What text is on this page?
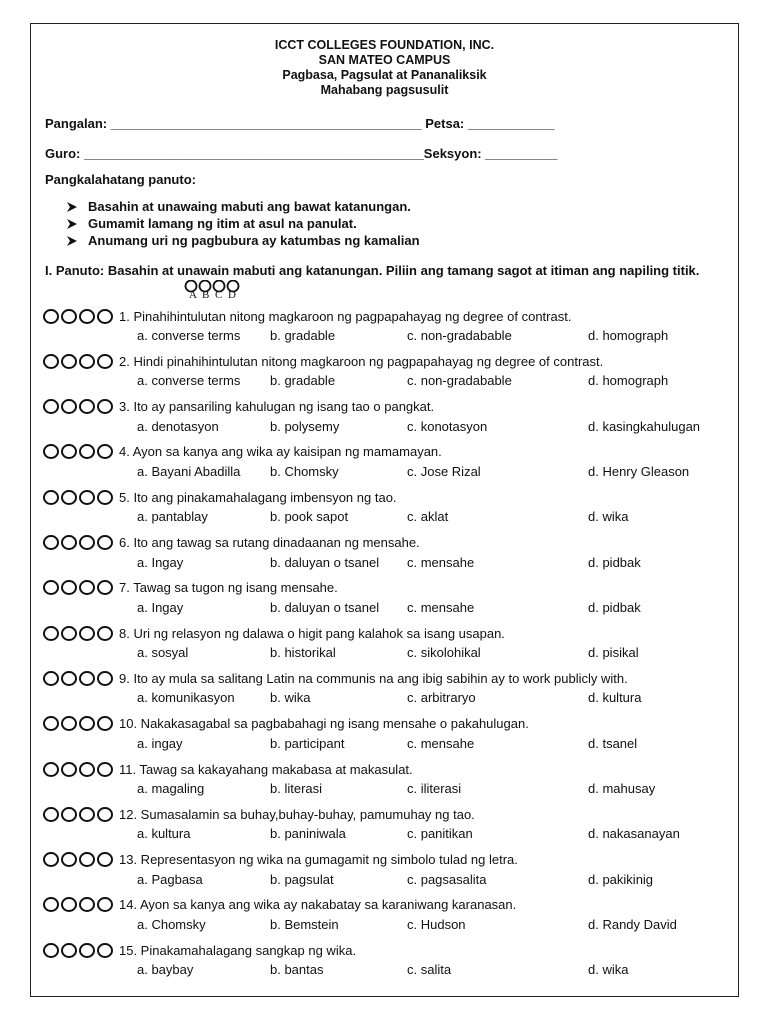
ICCT COLLEGES FOUNDATION, INC.
SAN MATEO CAMPUS
Pagbasa, Pagsulat at Pananaliksik
Mahabang pagsusulit
Pangalan: ___________________________________________ Petsa: ____________
Guro: _______________________________________________Seksyon: __________
Pangkalahatang panuto:
Basahin at unawaing mabuti ang bawat katanungan.
Gumamit lamang ng itim at asul na panulat.
Anumang uri ng pagbubura ay katumbas ng kamalian
I. Panuto: Basahin at unawain mabuti ang katanungan. Piliin ang tamang sagot at itiman ang napiling titik.
A B C D
1. Pinahihintulutan nitong magkaroon ng pagpapahayag ng degree of contrast.
a. converse terms b. gradable	c. non-gradabable	d. homograph
2. Hindi pinahihintulutan nitong magkaroon ng pagpapahayag ng degree of contrast.
a. converse terms b. gradable	c. non-gradabable	d. homograph
3. Ito ay pansariling kahulugan ng isang tao o pangkat.
a. denotasyon	b. polysemy	c. konotasyon	d. kasingkahulugan
4. Ayon sa kanya ang wika ay kaisipan ng mamamayan.
a. Bayani Abadilla b. Chomsky	c. Jose Rizal	d. Henry Gleason
5. Ito ang pinakamahalagang imbensyon ng tao.
a. pantablay	b. pook sapot	c. aklat	d. wika
6. Ito ang tawag sa rutang dinadaanan ng mensahe.
a. Ingay	b. daluyan o tsanel c. mensahe	d. pidbak
7. Tawag sa tugon ng isang mensahe.
a. Ingay	b. daluyan o tsanel c. mensahe	d. pidbak
8. Uri ng relasyon ng dalawa o higit pang kalahok sa isang usapan.
a. sosyal	b. historikal	c. sikolohikal	d. pisikal
9. Ito ay mula sa salitang Latin na communis na ang ibig sabihin ay to work publicly with.
a. komunikasyon	b. wika	c. arbitraryo	d. kultura
10. Nakakasagabal sa pagbabahagi ng isang mensahe o pakahulugan.
a. ingay	b. participant	c. mensahe	d. tsanel
11. Tawag sa kakayahang makabasa at makasulat.
a. magaling	b. literasi	c. iliterasi	d. mahusay
12. Sumasalamin sa buhay,buhay-buhay, pamumuhay ng tao.
a. kultura	b. paniniwala	c. panitikan	d. nakasanayan
13. Representasyon ng wika na gumagamit ng simbolo tulad ng letra.
a. Pagbasa	b. pagsulat	c. pagsasalita	d. pakikinig
14. Ayon sa kanya ang wika ay nakabatay sa karaniwang karanasan.
a. Chomsky	b. Bemstein	c. Hudson	d. Randy David
15. Pinakamahalagang sangkap ng wika.
a. baybay	b. bantas	c. salita	d. wika
